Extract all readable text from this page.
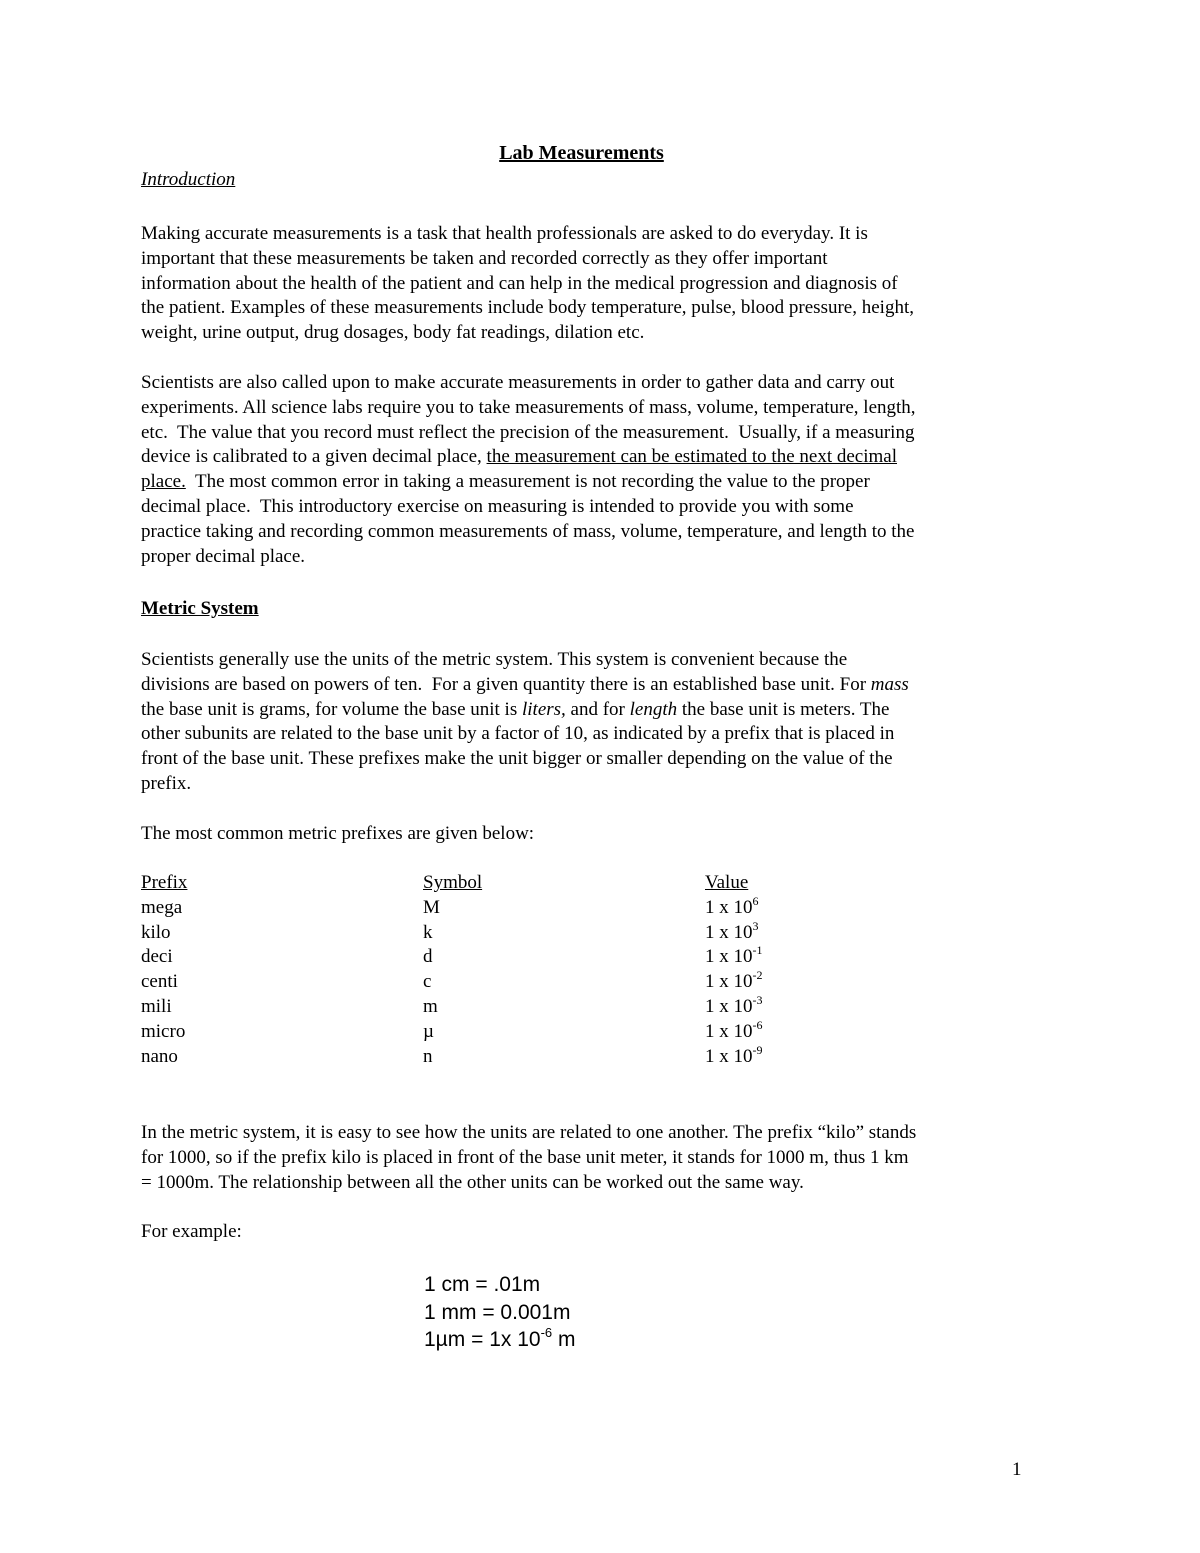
Lab Measurements
Introduction
Making accurate measurements is a task that health professionals are asked to do everyday. It is
important that these measurements be taken and recorded correctly as they offer important
information about the health of the patient and can help in the medical progression and diagnosis of
the patient. Examples of these measurements include body temperature, pulse, blood pressure, height,
weight, urine output, drug dosages, body fat readings, dilation etc.
Scientists are also called upon to make accurate measurements in order to gather data and carry out
experiments. All science labs require you to take measurements of mass, volume, temperature, length,
etc.  The value that you record must reflect the precision of the measurement.  Usually, if a measuring
device is calibrated to a given decimal place, the measurement can be estimated to the next decimal
place.  The most common error in taking a measurement is not recording the value to the proper
decimal place.  This introductory exercise on measuring is intended to provide you with some
practice taking and recording common measurements of mass, volume, temperature, and length to the
proper decimal place.
Metric System
Scientists generally use the units of the metric system. This system is convenient because the
divisions are based on powers of ten.  For a given quantity there is an established base unit. For mass
the base unit is grams, for volume the base unit is liters, and for length the base unit is meters. The
other subunits are related to the base unit by a factor of 10, as indicated by a prefix that is placed in
front of the base unit. These prefixes make the unit bigger or smaller depending on the value of the
prefix.
The most common metric prefixes are given below:
Prefix	Symbol	Value
mega	M	1 x $10^6$
kilo	k	1 x $10^3$
deci	d	1 x $10^{-1}$
centi	c	1 x $10^{-2}$
mili	m	1 x $10^{-3}$
micro	µ	1 x $10^{-6}$
nano	n	1 x $10^{-9}$
In the metric system, it is easy to see how the units are related to one another. The prefix “kilo” stands
for 1000, so if the prefix kilo is placed in front of the base unit meter, it stands for 1000 m, thus 1 km
= 1000m. The relationship between all the other units can be worked out the same way.
For example:
1 cm = .01m
1 mm = 0.001m
1µm = 1x $10^{-6}$ m
1
